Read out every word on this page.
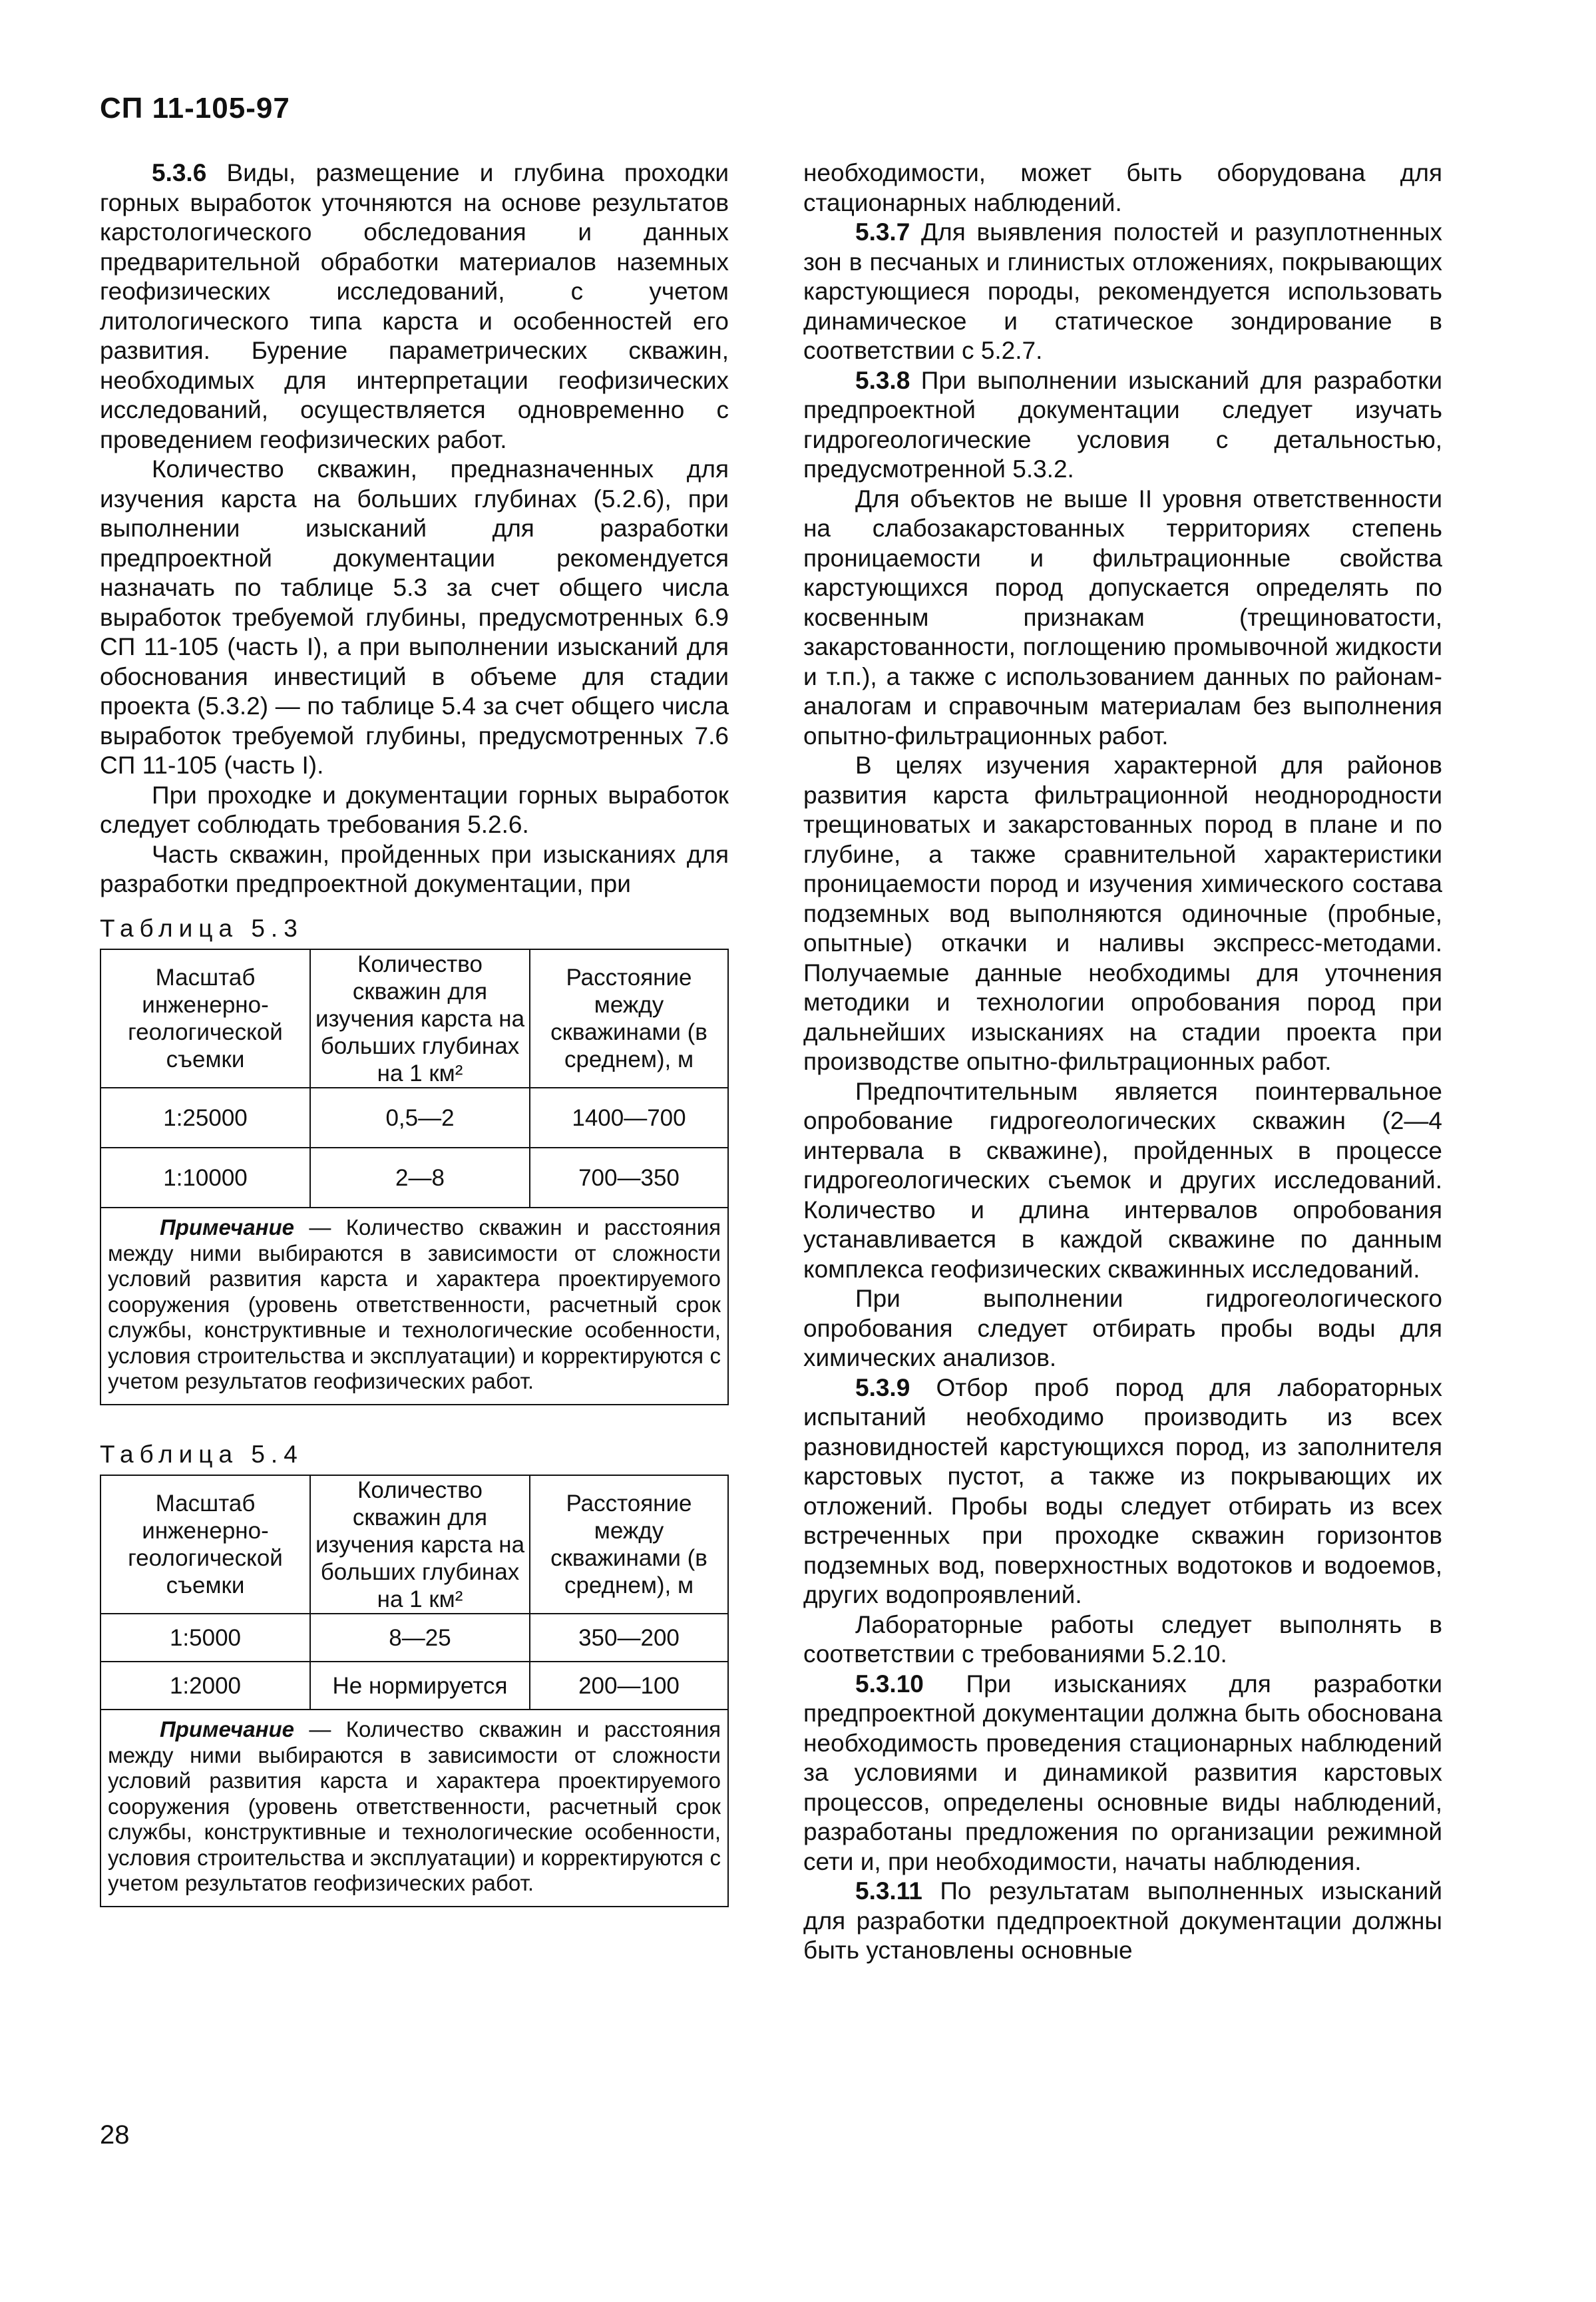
СП 11-105-97

5.3.6 Виды, размещение и глубина проходки горных выработок уточняются на основе результатов карстологического обследования и данных предварительной обработки материалов наземных геофизических исследований, с учетом литологического типа карста и особенностей его развития. Бурение параметрических скважин, необходимых для интерпретации геофизических исследований, осуществляется одновременно с проведением геофизических работ.

Количество скважин, предназначенных для изучения карста на больших глубинах (5.2.6), при выполнении изысканий для разработки предпроектной документации рекомендуется назначать по таблице 5.3 за счет общего числа выработок требуемой глубины, предусмотренных 6.9 СП 11-105 (часть I), а при выполнении изысканий для обоснования инвестиций в объеме для стадии проекта (5.3.2) — по таблице 5.4 за счет общего числа выработок требуемой глубины, предусмотренных 7.6 СП 11-105 (часть I).

При проходке и документации горных выработок следует соблюдать требования 5.2.6.

Часть скважин, пройденных при изысканиях для разработки предпроектной документации, при

Таблица 5.3
Масштаб инженерно-геологической съемки	Количество скважин для изучения карста на больших глубинах на 1 км²	Расстояние между скважинами (в среднем), м
1:25000	0,5—2	1400—700
1:10000	2—8	700—350

Примечание — Количество скважин и расстояния между ними выбираются в зависимости от сложности условий развития карста и характера проектируемого сооружения (уровень ответственности, расчетный срок службы, конструктивные и технологические особенности, условия строительства и эксплуатации) и корректируются с учетом результатов геофизических работ.		
Таблица 5.4
Масштаб инженерно-геологической съемки	Количество скважин для изучения карста на больших глубинах на 1 км²	Расстояние между скважинами (в среднем), м
1:5000	8—25	350—200
1:2000	Не нормируется	200—100

Примечание — Количество скважин и расстояния между ними выбираются в зависимости от сложности условий развития карста и характера проектируемого сооружения (уровень ответственности, расчетный срок службы, конструктивные и технологические особенности, условия строительства и эксплуатации) и корректируются с учетом результатов геофизических работ.		

необходимости, может быть оборудована для стационарных наблюдений.

5.3.7 Для выявления полостей и разуплотненных зон в песчаных и глинистых отложениях, покрывающих карстующиеся породы, рекомендуется использовать динамическое и статическое зондирование в соответствии с 5.2.7.

5.3.8 При выполнении изысканий для разработки предпроектной документации следует изучать гидрогеологические условия с детальностью, предусмотренной 5.3.2.

Для объектов не выше II уровня ответственности на слабозакарстованных территориях степень проницаемости и фильтрационные свойства карстующихся пород допускается определять по косвенным признакам (трещиноватости, закарстованности, поглощению промывочной жидкости и т.п.), а также с использованием данных по районам-аналогам и справочным материалам без выполнения опытно-фильтрационных работ.

В целях изучения характерной для районов развития карста фильтрационной неоднородности трещиноватых и закарстованных пород в плане и по глубине, а также сравнительной характеристики проницаемости пород и изучения химического состава подземных вод выполняются одиночные (пробные, опытные) откачки и наливы экспресс-методами. Получаемые данные необходимы для уточнения методики и технологии опробования пород при дальнейших изысканиях на стадии проекта при производстве опытно-фильтрационных работ.

Предпочтительным является поинтервальное опробование гидрогеологических скважин (2—4 интервала в скважине), пройденных в процессе гидрогеологических съемок и других исследований. Количество и длина интервалов опробования устанавливается в каждой скважине по данным комплекса геофизических скважинных исследований.

При выполнении гидрогеологического опробования следует отбирать пробы воды для химических анализов.

5.3.9 Отбор проб пород для лабораторных испытаний необходимо производить из всех разновидностей карстующихся пород, из заполнителя карстовых пустот, а также из покрывающих их отложений. Пробы воды следует отбирать из всех встреченных при проходке скважин горизонтов подземных вод, поверхностных водотоков и водоемов, других водопроявлений.

Лабораторные работы следует выполнять в соответствии с требованиями 5.2.10.

5.3.10 При изысканиях для разработки предпроектной документации должна быть обоснована необходимость проведения стационарных наблюдений за условиями и динамикой развития карстовых процессов, определены основные виды наблюдений, разработаны предложения по организации режимной сети и, при необходимости, начаты наблюдения.

5.3.11 По результатам выполненных изысканий для разработки пдедпроектной документации должны быть установлены основные

28
